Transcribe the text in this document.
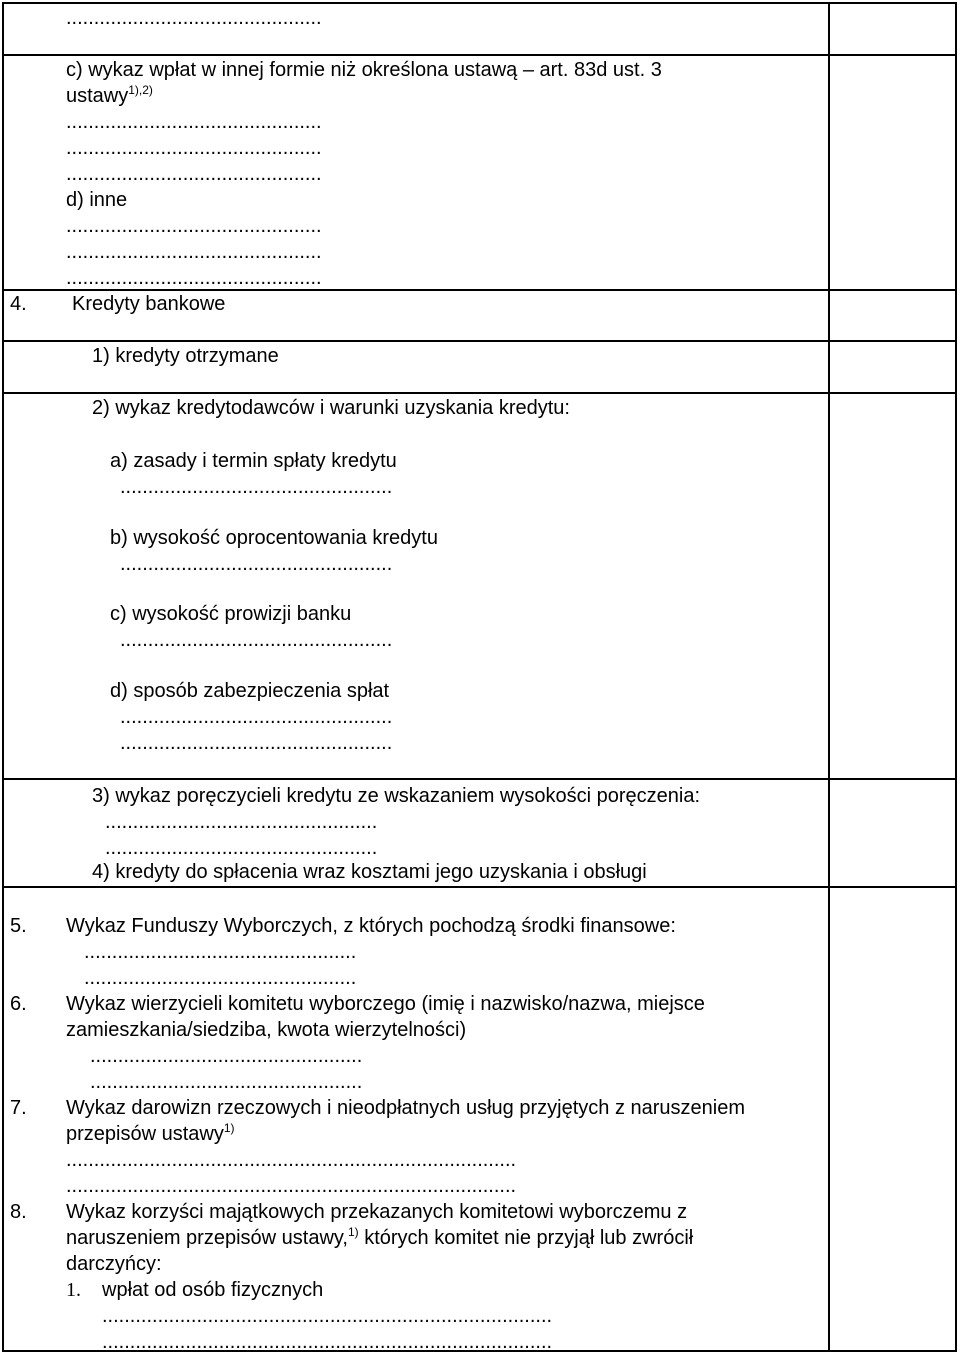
..............................................
c) wykaz wpłat w innej formie niż określona ustawą – art. 83d ust. 3
ustawy$^{1),2)}$
..............................................
..............................................
..............................................
d) inne
..............................................
..............................................
..............................................
4. Kredyty bankowe
1) kredyty otrzymane
2) wykaz kredytodawców i warunki uzyskania kredytu:
a) zasady i termin spłaty kredytu
.................................................
b) wysokość oprocentowania kredytu
.................................................
c) wysokość prowizji banku
.................................................
d) sposób zabezpieczenia spłat
.................................................
.................................................
3) wykaz poręczycieli kredytu ze wskazaniem wysokości poręczenia:
.................................................
.................................................
4) kredyty do spłacenia wraz kosztami jego uzyskania i obsługi
5. Wykaz Funduszy Wyborczych, z których pochodzą środki finansowe:
.................................................
.................................................
6. Wykaz wierzycieli komitetu wyborczego (imię i nazwisko/nazwa, miejsce
zamieszkania/siedziba, kwota wierzytelności)
.................................................
.................................................
7. Wykaz darowizn rzeczowych i nieodpłatnych usług przyjętych z naruszeniem
przepisów ustawy$^{1)}$
.................................................................................
.................................................................................
8. Wykaz korzyści majątkowych przekazanych komitetowi wyborczemu z
naruszeniem przepisów ustawy,$^{1)}$ których komitet nie przyjął lub zwrócił
darczyńcy:
1. wpłat od osób fizycznych
.................................................................................
.................................................................................
